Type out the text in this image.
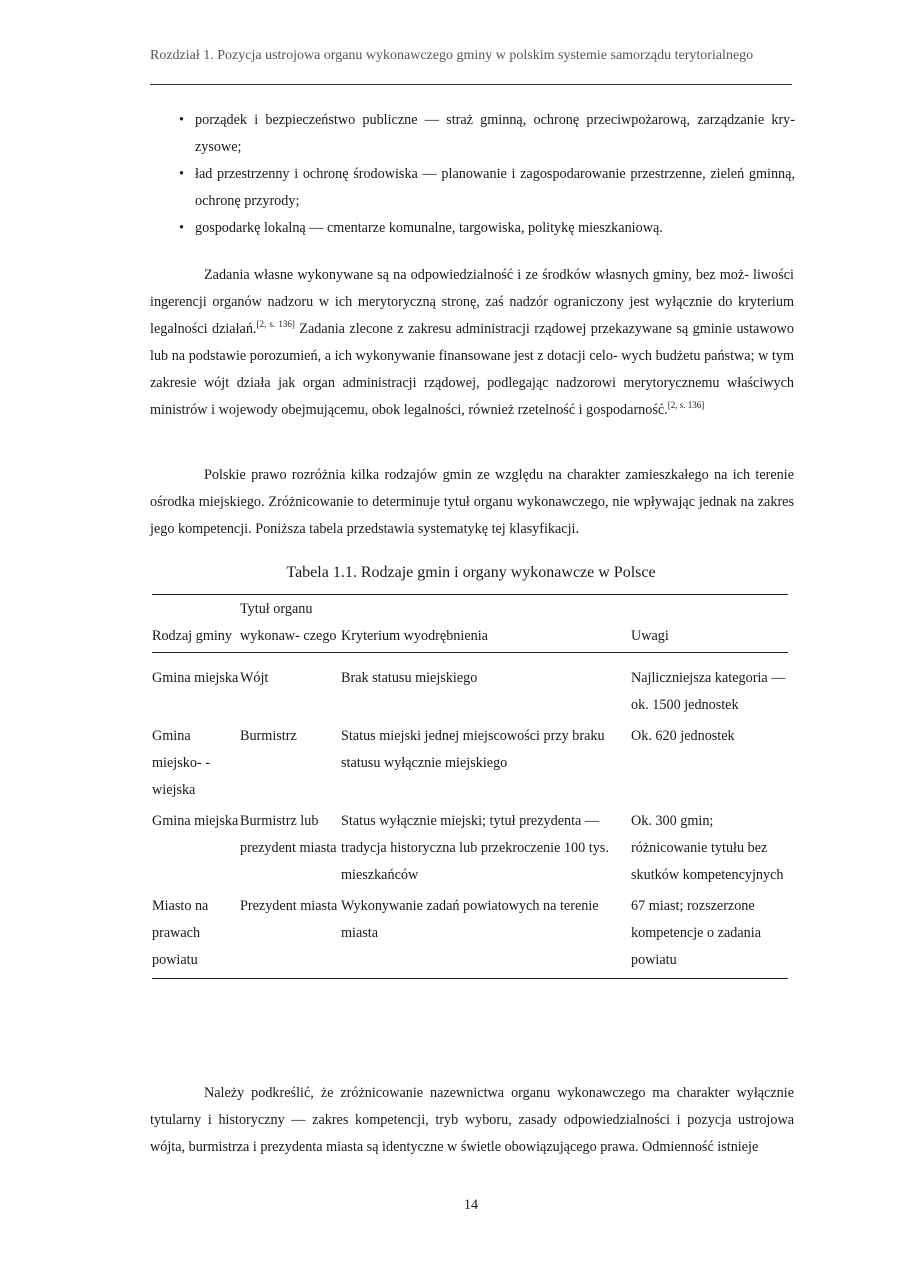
Rozdział 1. Pozycja ustrojowa organu wykonawczego gminy w polskim systemie samorządu terytorialnego
• porządek i bezpieczeństwo publiczne — straż gminną, ochronę przeciwpożarową, zarządzanie kry- zysowe;
• ład przestrzenny i ochronę środowiska — planowanie i zagospodarowanie przestrzenne, zieleń gminną, ochronę przyrody;
• gospodarkę lokalną — cmentarze komunalne, targowiska, politykę mieszkaniową.

Zadania własne wykonywane są na odpowiedzialność i ze środków własnych gminy, bez moż- liwości ingerencji organów nadzoru w ich merytoryczną stronę, zaś nadzór ograniczony jest wyłącznie do kryterium legalności działań.[2, s. 136] Zadania zlecone z zakresu administracji rządowej przekazywane są gminie ustawowo lub na podstawie porozumień, a ich wykonywanie finansowane jest z dotacji celo- wych budżetu państwa; w tym zakresie wójt działa jak organ administracji rządowej, podlegając nadzorowi merytorycznemu właściwych ministrów i wojewody obejmującemu, obok legalności, również rzetelność i gospodarność.[2, s. 136]

Polskie prawo rozróżnia kilka rodzajów gmin ze względu na charakter zamieszkałego na ich terenie ośrodka miejskiego. Zróżnicowanie to determinuje tytuł organu wykonawczego, nie wpływając jednak na zakres jego kompetencji. Poniższa tabela przedstawia systematykę tej klasyfikacji.

Tabela 1.1. Rodzaje gmin i organy wykonawcze w Polsce
Rodzaj gminy	Tytuł organu wykonaw- czego	Kryterium wyodrębnienia	Uwagi
Gmina miejska	Wójt	Brak statusu miejskiego	Najliczniejsza kategoria — ok. 1500 jednostek
Gmina miejsko- -wiejska	Burmistrz	Status miejski jednej miejscowości przy braku statusu wyłącznie miejskiego	Ok. 620 jednostek
Gmina miejska	Burmistrz lub prezydent miasta	Status wyłącznie miejski; tytuł prezydenta — tradycja historyczna lub przekroczenie 100 tys. mieszkańców	Ok. 300 gmin; różnicowanie tytułu bez skutków kompetencyjnych
Miasto na prawach powiatu	Prezydent miasta	Wykonywanie zadań powiatowych na terenie miasta	67 miast; rozszerzone kompetencje o zadania powiatu

Należy podkreślić, że zróżnicowanie nazewnictwa organu wykonawczego ma charakter wyłącznie tytularny i historyczny — zakres kompetencji, tryb wyboru, zasady odpowiedzialności i pozycja ustrojowa wójta, burmistrza i prezydenta miasta są identyczne w świetle obowiązującego prawa. Odmienność istnieje

14
